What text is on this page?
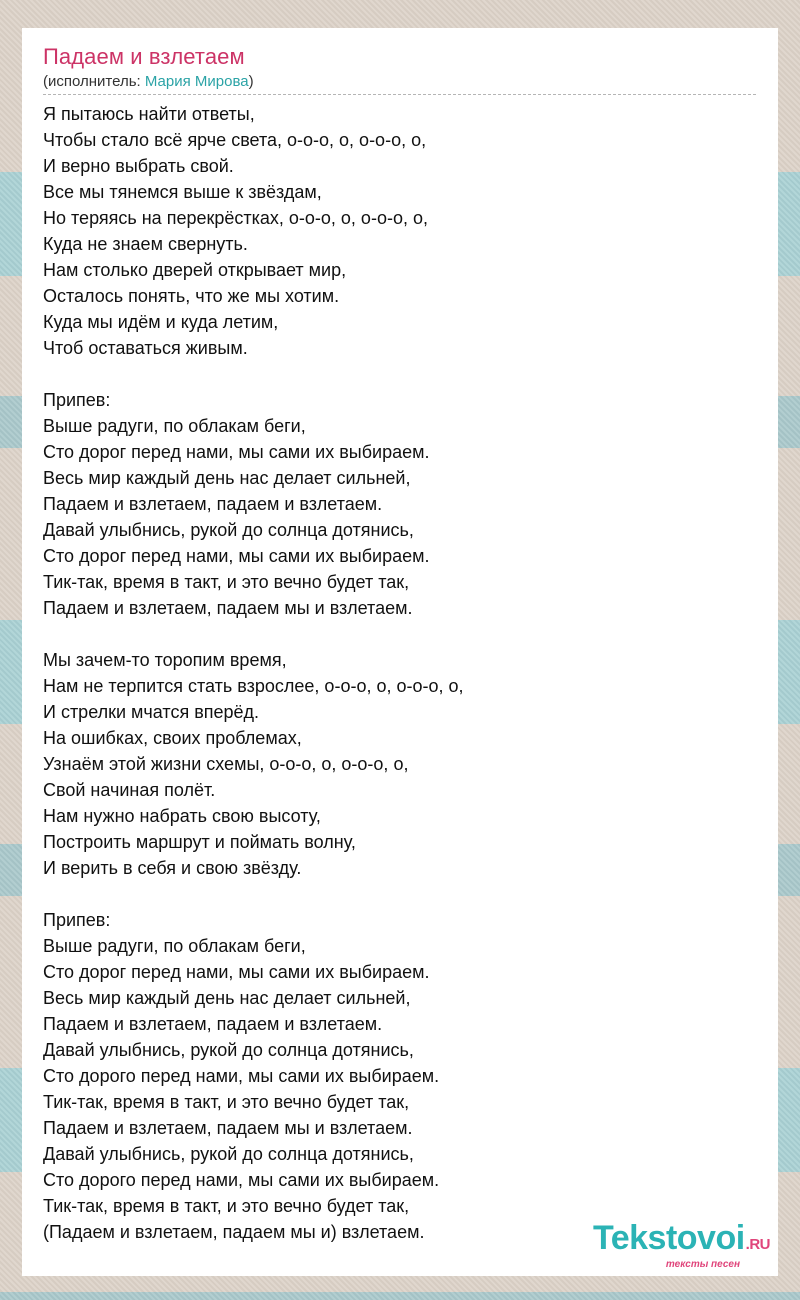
Падаем и взлетаем
(исполнитель: Мария Мирова)
Я пытаюсь найти ответы,
Чтобы стало всё ярче света, о-о-о, о, о-о-о, о,
И верно выбрать свой.
Все мы тянемся выше к звёздам,
Но теряясь на перекрёстках, о-о-о, о, о-о-о, о,
Куда не знаем свернуть.
Нам столько дверей открывает мир,
Осталось понять, что же мы хотим.
Куда мы идём и куда летим,
Чтоб оставаться живым.

Припев:
Выше радуги, по облакам беги,
Сто дорог перед нами, мы сами их выбираем.
Весь мир каждый день нас делает сильней,
Падаем и взлетаем, падаем и взлетаем.
Давай улыбнись, рукой до солнца дотянись,
Сто дорог перед нами, мы сами их выбираем.
Тик-так, время в такт, и это вечно будет так,
Падаем и взлетаем, падаем мы и взлетаем.

Мы зачем-то торопим время,
Нам не терпится стать взрослее, о-о-о, о, о-о-о, о,
И стрелки мчатся вперёд.
На ошибках, своих проблемах,
Узнаём этой жизни схемы, о-о-о, о, о-о-о, о,
Свой начиная полёт.
Нам нужно набрать свою высоту,
Построить маршрут и поймать волну,
И верить в себя и свою звёзду.

Припев:
Выше радуги, по облакам беги,
Сто дорог перед нами, мы сами их выбираем.
Весь мир каждый день нас делает сильней,
Падаем и взлетаем, падаем и взлетаем.
Давай улыбнись, рукой до солнца дотянись,
Сто дорого перед нами, мы сами их выбираем.
Тик-так, время в такт, и это вечно будет так,
Падаем и взлетаем, падаем мы и взлетаем.
Давай улыбнись, рукой до солнца дотянись,
Сто дорого перед нами, мы сами их выбираем.
Тик-так, время в такт, и это вечно будет так,
(Падаем и взлетаем, падаем мы и) взлетаем.	Tekstovoi.RU
тексты песен
